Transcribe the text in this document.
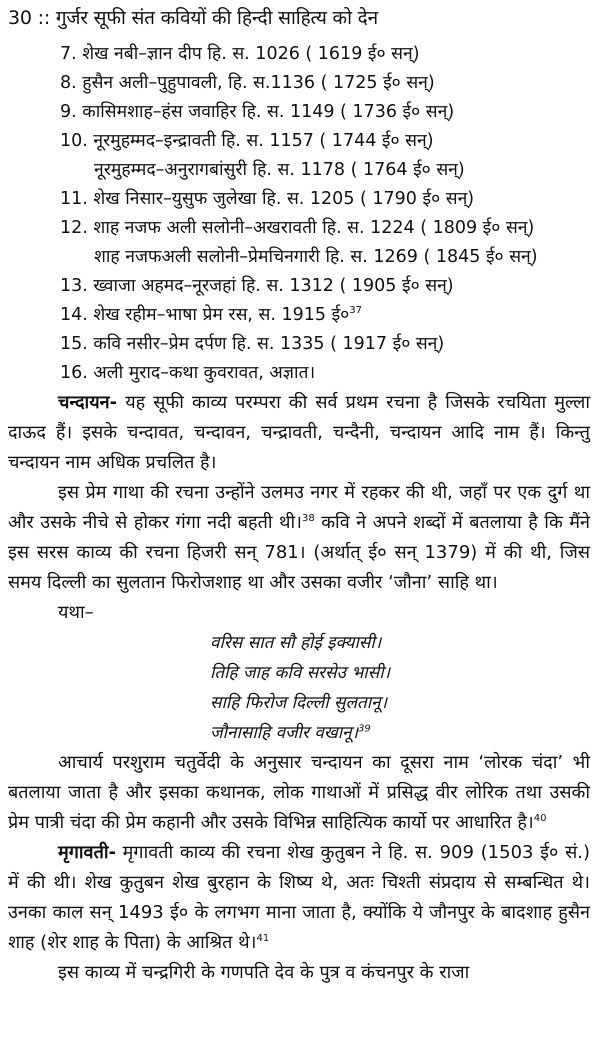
30 :: गुर्जर सूफी संत कवियों की हिन्दी साहित्य को देन
7. शेख नबी–ज्ञान दीप हि. स. 1026 ( 1619 ई० सन्)
8. हुसैन अली–पुहुपावली, हि. स.1136 ( 1725 ई० सन्)
9. कासिमशाह–हंस जवाहिर हि. स. 1149 ( 1736 ई० सन्)
10. नूरमुहम्मद–इन्द्रावती हि. स. 1157 ( 1744 ई० सन्)
नूरमुहम्मद–अनुरागबांसुरी हि. स. 1178 ( 1764 ई० सन्)
11. शेख निसार–युसुफ जुलेखा हि. स. 1205 ( 1790 ई० सन्)
12. शाह नजफ अली सलोनी–अखरावती हि. स. 1224 ( 1809 ई० सन्)
शाह नजफअली सलोनी–प्रेमचिनगारी हि. स. 1269 ( 1845 ई० सन्)
13. ख्वाजा अहमद–नूरजहां हि. स. 1312 ( 1905 ई० सन्)
14. शेख रहीम–भाषा प्रेम रस, स. 1915 $ई०^{37}$
15. कवि नसीर–प्रेम दर्पण हि. स. 1335 ( 1917 ई० सन्)
16. अली मुराद–कथा कुवरावत, अज्ञात।

चन्दायन- यह सूफी काव्य परम्परा की सर्व प्रथम रचना है जिसके रचयिता मुल्ला दाऊद हैं। इसके चन्दावत, चन्दावन, चन्द्रावती, चन्दैनी, चन्दायन आदि नाम हैं। किन्तु चन्दायन नाम अधिक प्रचलित है।

इस प्रेम गाथा की रचना उन्होंने उलमउ नगर में रहकर की थी, जहाँ पर एक दुर्ग था और उसके नीचे से होकर गंगा नदी बहती थी।$^{38}$ कवि ने अपने शब्दों में बतलाया है कि मैंने इस सरस काव्य की रचना हिजरी सन् 781। (अर्थात् ई० सन् 1379) में की थी, जिस समय दिल्ली का सुलतान फिरोजशाह था और उसका वजीर ‘जौना’ साहि था।

यथा–

वरिस सात सौ होई इक्यासी।

तिहि जाह कवि सरसेउ भासी।

साहि फिरोज दिल्ली सुलतानू।

जौनासाहि वजीर वखानू।$^{39}$

आचार्य परशुराम चतुर्वेदी के अनुसार चन्दायन का दूसरा नाम ‘लोरक चंदा’ भी बतलाया जाता है और इसका कथानक, लोक गाथाओं में प्रसिद्ध वीर लोरिक तथा उसकी प्रेम पात्री चंदा की प्रेम कहानी और उसके विभिन्न साहित्यिक कार्यो पर आधारित है।$^{40}$

मृगावती- मृगावती काव्य की रचना शेख कुतुबन ने हि. स. 909 (1503 ई० सं.) में की थी। शेख कुतुबन शेख बुरहान के शिष्य थे, अतः चिश्ती संप्रदाय से सम्बन्धित थे। उनका काल सन् 1493 ई० के लगभग माना जाता है, क्योंकि ये जौनपुर के बादशाह हुसैन शाह (शेर शाह के पिता) के आश्रित थे।$^{41}$

इस काव्य में चन्द्रगिरी के गणपति देव के पुत्र व कंचनपुर के राजा
